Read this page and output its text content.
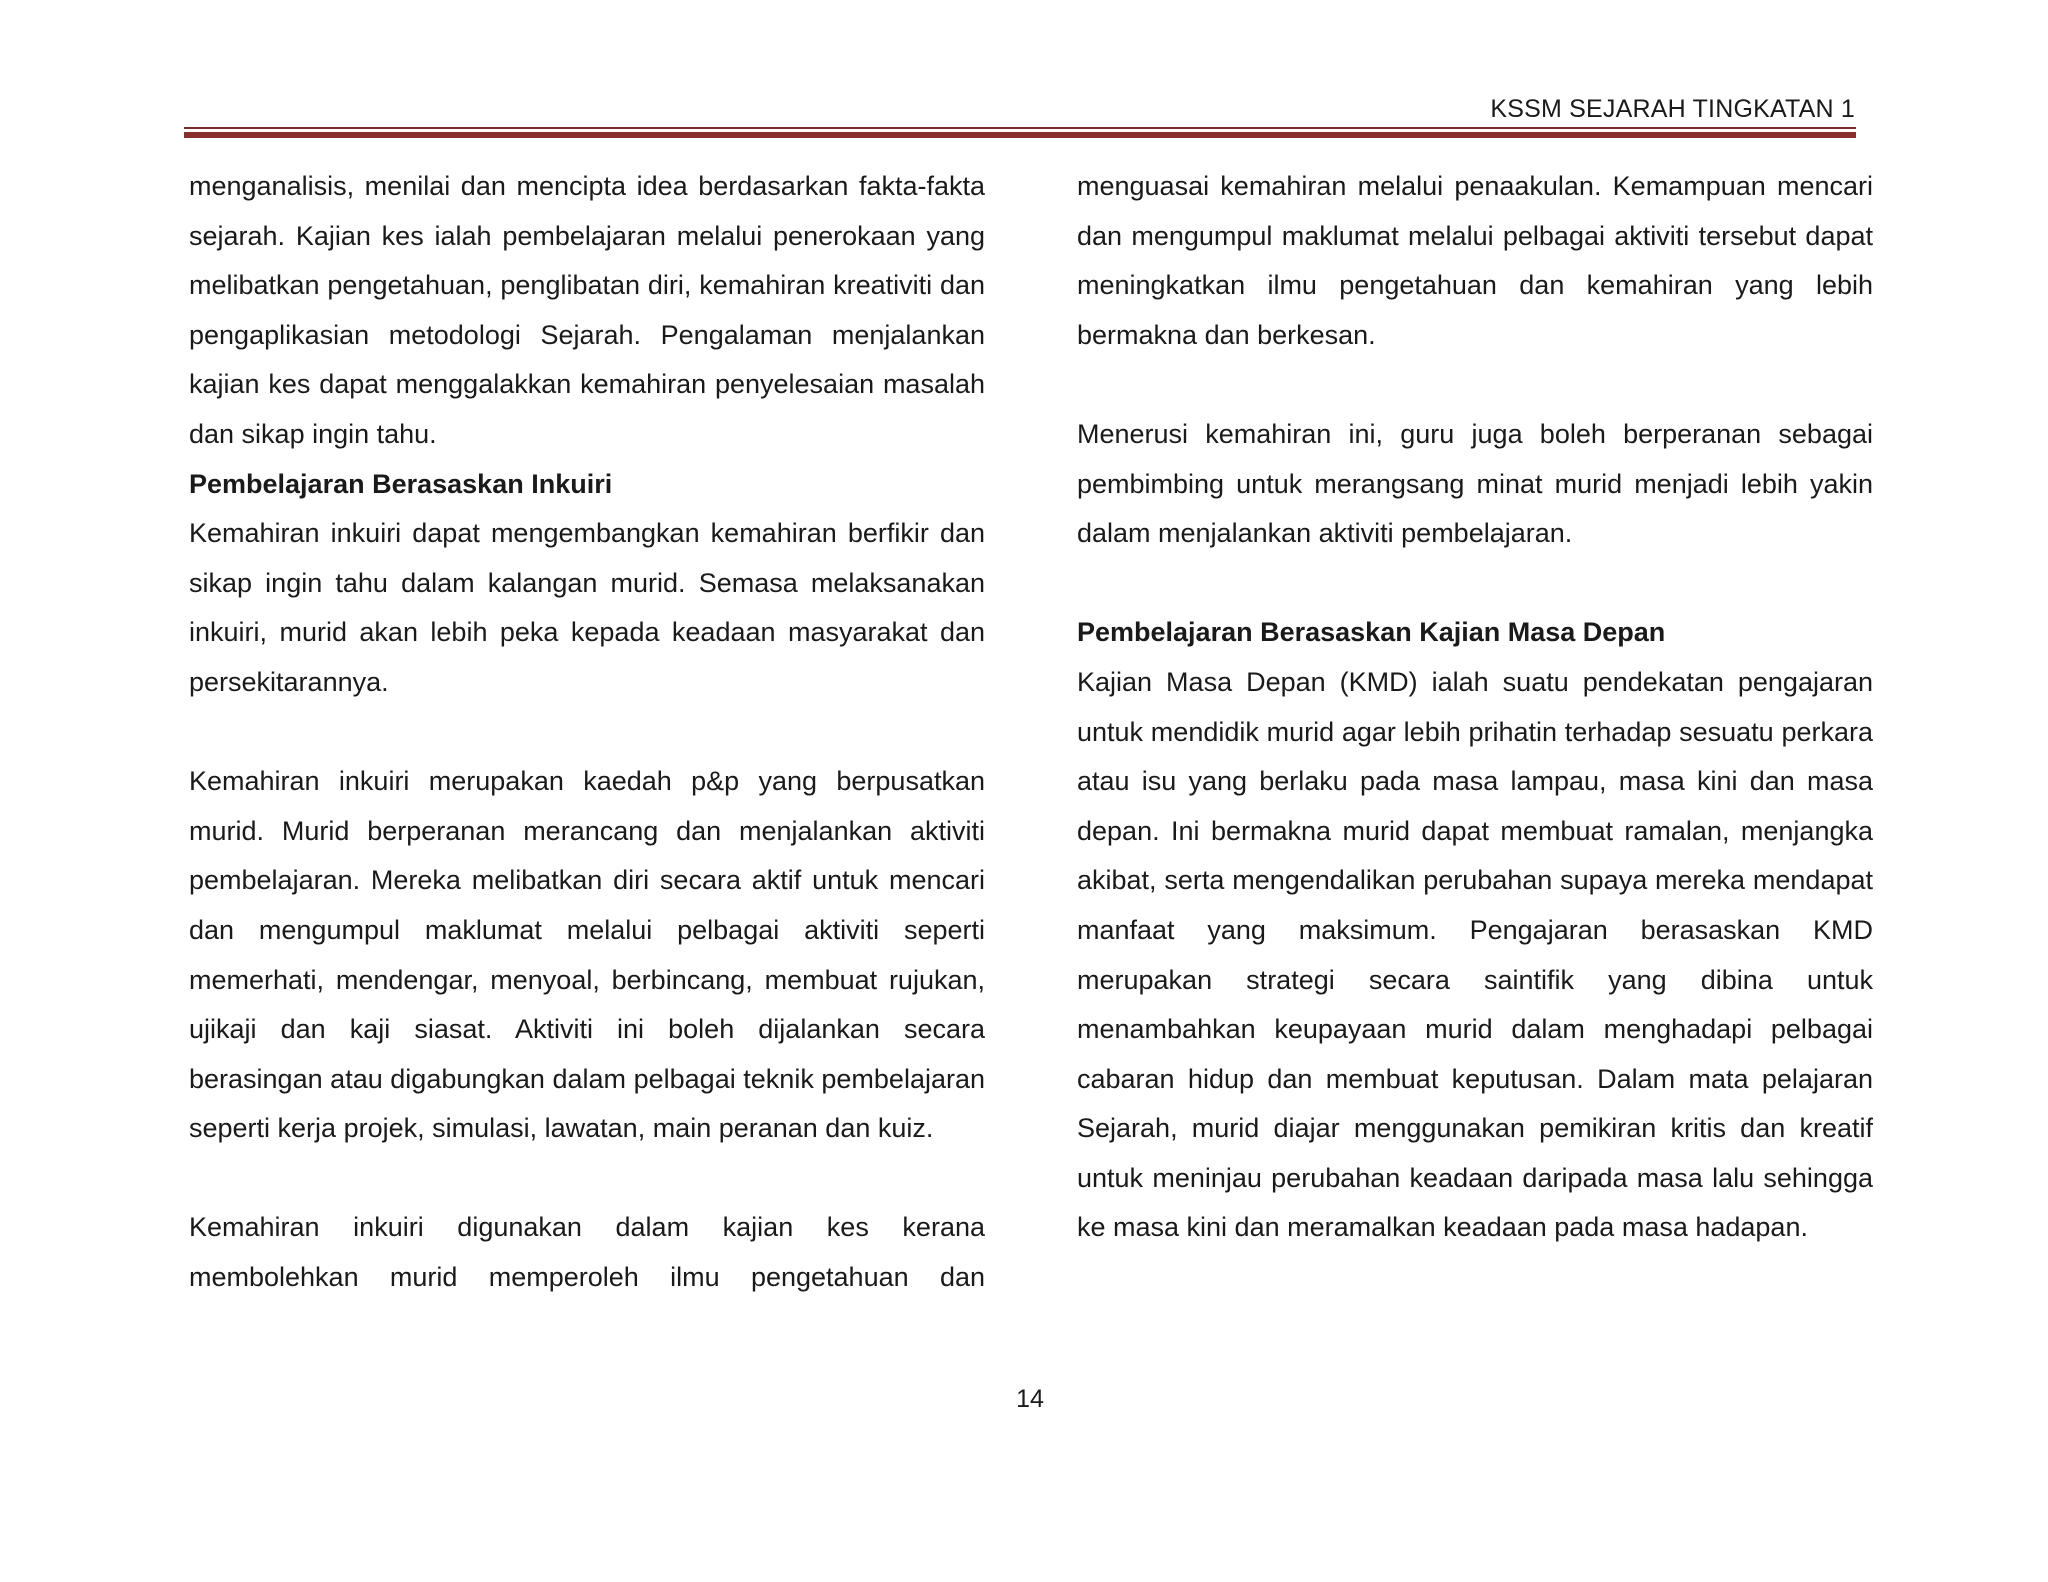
KSSM SEJARAH TINGKATAN 1

menganalisis, menilai dan mencipta idea berdasarkan fakta-fakta sejarah. Kajian kes ialah pembelajaran melalui penerokaan yang melibatkan pengetahuan, penglibatan diri, kemahiran kreativiti dan pengaplikasian metodologi Sejarah. Pengalaman menjalankan kajian kes dapat menggalakkan kemahiran penyelesaian masalah dan sikap ingin tahu.

Pembelajaran Berasaskan Inkuiri

Kemahiran inkuiri dapat mengembangkan kemahiran berfikir dan sikap ingin tahu dalam kalangan murid. Semasa melaksanakan inkuiri, murid akan lebih peka kepada keadaan masyarakat dan persekitarannya.

Kemahiran inkuiri merupakan kaedah p&p yang berpusatkan murid. Murid berperanan merancang dan menjalankan aktiviti pembelajaran. Mereka melibatkan diri secara aktif untuk mencari dan mengumpul maklumat melalui pelbagai aktiviti seperti memerhati, mendengar, menyoal, berbincang, membuat rujukan, ujikaji dan kaji siasat. Aktiviti ini boleh dijalankan secara berasingan atau digabungkan dalam pelbagai teknik pembelajaran seperti kerja projek, simulasi, lawatan, main peranan dan kuiz.

Kemahiran inkuiri digunakan dalam kajian kes kerana membolehkan murid memperoleh ilmu pengetahuan dan

menguasai kemahiran melalui penaakulan. Kemampuan mencari dan mengumpul maklumat melalui pelbagai aktiviti tersebut dapat meningkatkan ilmu pengetahuan dan kemahiran yang lebih bermakna dan berkesan.

Menerusi kemahiran ini, guru juga boleh berperanan sebagai pembimbing untuk merangsang minat murid menjadi lebih yakin dalam menjalankan aktiviti pembelajaran.

Pembelajaran Berasaskan Kajian Masa Depan

Kajian Masa Depan (KMD) ialah suatu pendekatan pengajaran untuk mendidik murid agar lebih prihatin terhadap sesuatu perkara atau isu yang berlaku pada masa lampau, masa kini dan masa depan. Ini bermakna murid dapat membuat ramalan, menjangka akibat, serta mengendalikan perubahan supaya mereka mendapat manfaat yang maksimum. Pengajaran berasaskan KMD merupakan strategi secara saintifik yang dibina untuk menambahkan keupayaan murid dalam menghadapi pelbagai cabaran hidup dan membuat keputusan. Dalam mata pelajaran Sejarah, murid diajar menggunakan pemikiran kritis dan kreatif untuk meninjau perubahan keadaan daripada masa lalu sehingga ke masa kini dan meramalkan keadaan pada masa hadapan.

14
